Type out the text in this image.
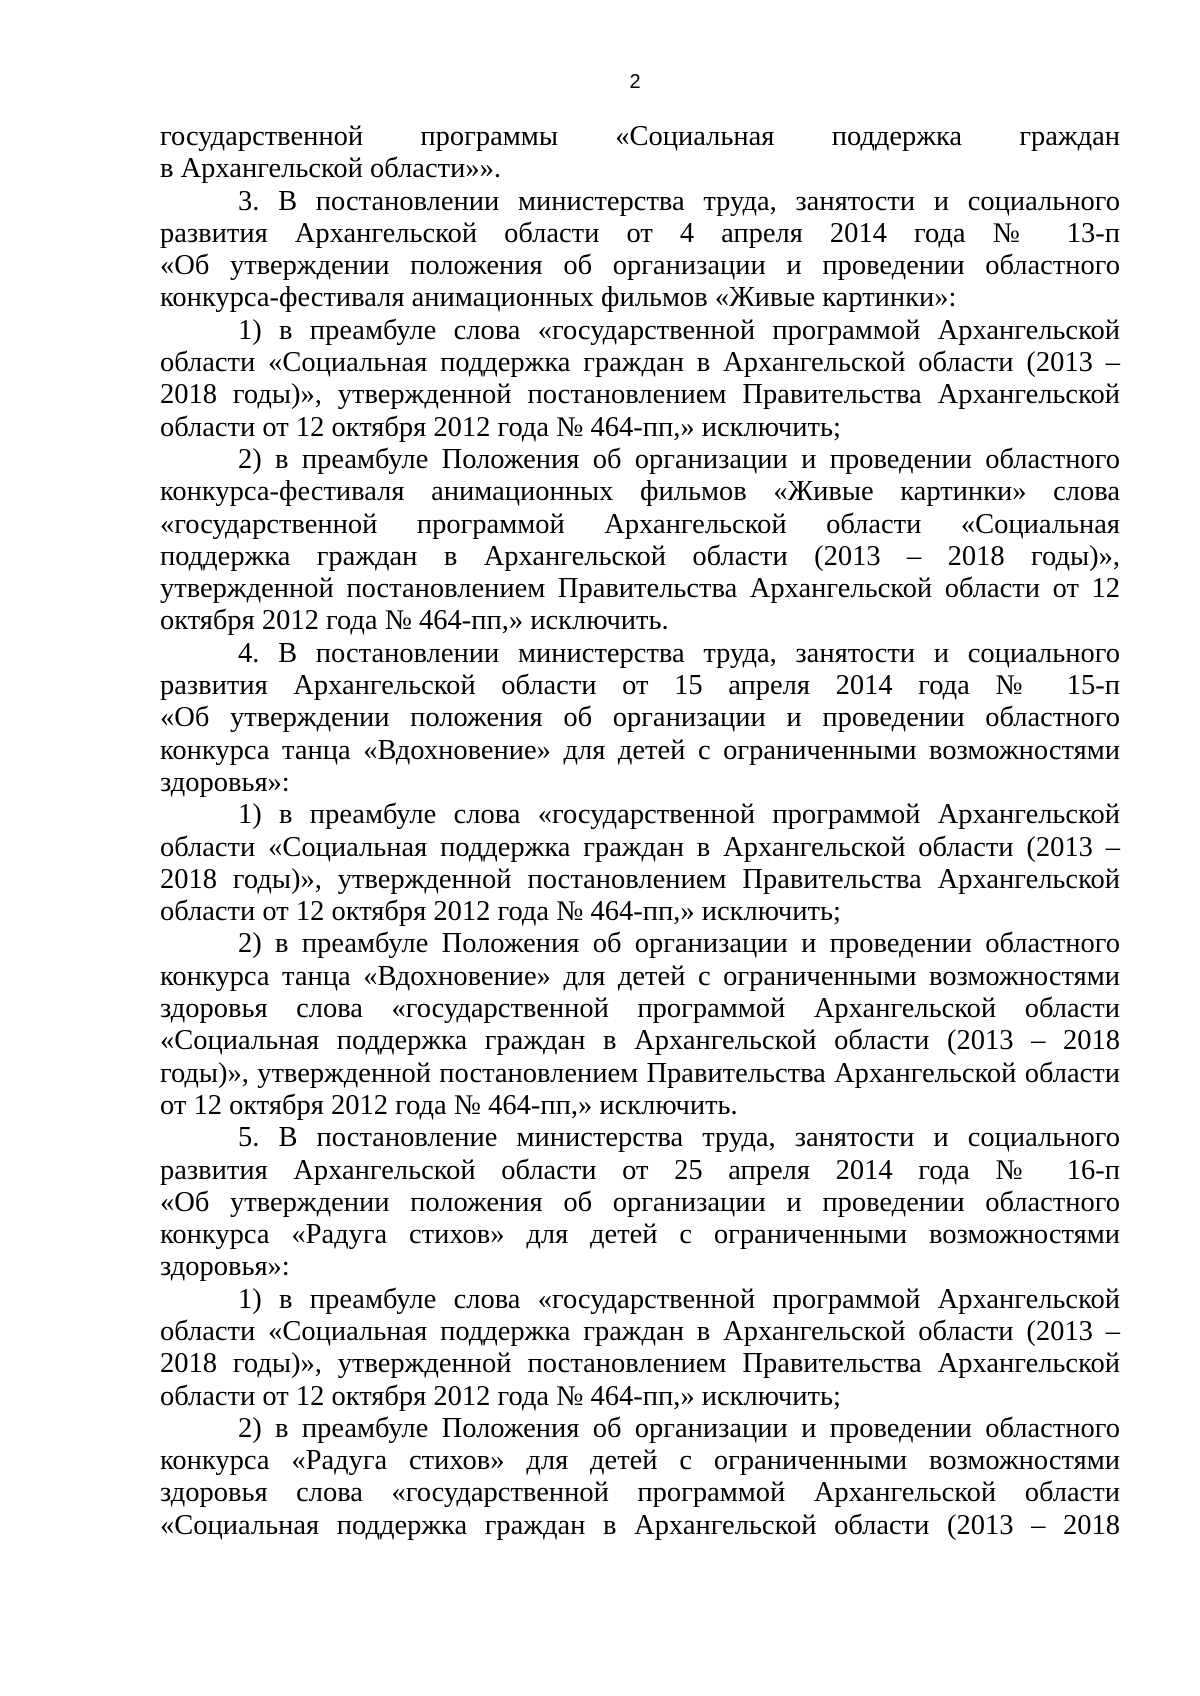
2
государственной программы «Социальная поддержка граждан
в Архангельской области»».
3. В постановлении министерства труда, занятости и социального
развития Архангельской области от 4 апреля 2014 года № 13-п
«Об утверждении положения об организации и проведении областного
конкурса-фестиваля анимационных фильмов «Живые картинки»:
1) в преамбуле слова «государственной программой Архангельской
области «Социальная поддержка граждан в Архангельской области (2013 –
2018 годы)», утвержденной постановлением Правительства Архангельской
области от 12 октября 2012 года № 464-пп,» исключить;
2) в преамбуле Положения об организации и проведении областного
конкурса-фестиваля анимационных фильмов «Живые картинки» слова
«государственной программой Архангельской области «Социальная
поддержка граждан в Архангельской области (2013 – 2018 годы)»,
утвержденной постановлением Правительства Архангельской области от 12
октября 2012 года № 464-пп,» исключить.
4. В постановлении министерства труда, занятости и социального
развития Архангельской области от 15 апреля 2014 года № 15-п
«Об утверждении положения об организации и проведении областного
конкурса танца «Вдохновение» для детей с ограниченными возможностями
здоровья»:
1) в преамбуле слова «государственной программой Архангельской
области «Социальная поддержка граждан в Архангельской области (2013 –
2018 годы)», утвержденной постановлением Правительства Архангельской
области от 12 октября 2012 года № 464-пп,» исключить;
2) в преамбуле Положения об организации и проведении областного
конкурса танца «Вдохновение» для детей с ограниченными возможностями
здоровья слова «государственной программой Архангельской области
«Социальная поддержка граждан в Архангельской области (2013 – 2018
годы)», утвержденной постановлением Правительства Архангельской области
от 12 октября 2012 года № 464-пп,» исключить.
5. В постановление министерства труда, занятости и социального
развития Архангельской области от 25 апреля 2014 года № 16-п
«Об утверждении положения об организации и проведении областного
конкурса «Радуга стихов» для детей с ограниченными возможностями
здоровья»:
1) в преамбуле слова «государственной программой Архангельской
области «Социальная поддержка граждан в Архангельской области (2013 –
2018 годы)», утвержденной постановлением Правительства Архангельской
области от 12 октября 2012 года № 464-пп,» исключить;
2) в преамбуле Положения об организации и проведении областного
конкурса «Радуга стихов» для детей с ограниченными возможностями
здоровья слова «государственной программой Архангельской области
«Социальная поддержка граждан в Архангельской области (2013 – 2018
